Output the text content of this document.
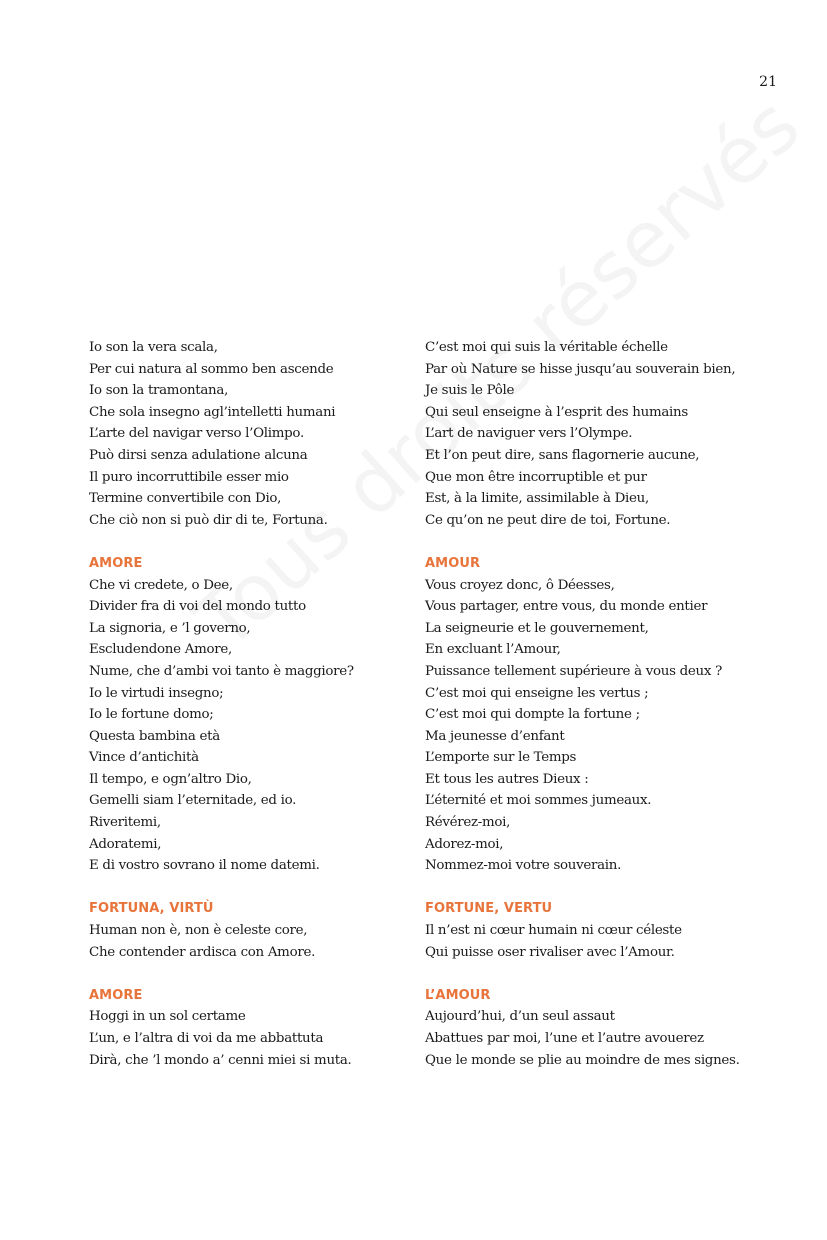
21
Io son la vera scala,
Per cui natura al sommo ben ascende
Io son la tramontana,
Che sola insegno agl’intelletti humani
L’arte del navigar verso l’Olimpo.
Può dirsi senza adulatione alcuna
Il puro incorruttibile esser mio
Termine convertibile con Dio,
Che ciò non si può dir di te, Fortuna.
AMORE
Che vi credete, o Dee,
Divider fra di voi del mondo tutto
La signoria, e ’l governo,
Escludendone Amore,
Nume, che d’ambi voi tanto è maggiore?
Io le virtudi insegno;
Io le fortune domo;
Questa bambina età
Vince d’antichità
Il tempo, e ogn’altro Dio,
Gemelli siam l’eternitade, ed io.
Riveritemi,
Adoratemi,
E di vostro sovrano il nome datemi.
FORTUNA, VIRTÙ
Human non è, non è celeste core,
Che contender ardisca con Amore.
AMORE
Hoggi in un sol certame
L’un, e l’altra di voi da me abbattuta
Dirà, che ’l mondo a’ cenni miei si muta.
C’est moi qui suis la véritable échelle
Par où Nature se hisse jusqu’au souverain bien,
Je suis le Pôle
Qui seul enseigne à l’esprit des humains
L’art de naviguer vers l’Olympe.
Et l’on peut dire, sans flagornerie aucune,
Que mon être incorruptible et pur
Est, à la limite, assimilable à Dieu,
Ce qu’on ne peut dire de toi, Fortune.
AMOUR
Vous croyez donc, ô Déesses,
Vous partager, entre vous, du monde entier
La seigneurie et le gouvernement,
En excluant l’Amour,
Puissance tellement supérieure à vous deux ?
C’est moi qui enseigne les vertus ;
C’est moi qui dompte la fortune ;
Ma jeunesse d’enfant
L’emporte sur le Temps
Et tous les autres Dieux :
L’éternité et moi sommes jumeaux.
Révérez-moi,
Adorez-moi,
Nommez-moi votre souverain.
FORTUNE, VERTU
Il n’est ni cœur humain ni cœur céleste
Qui puisse oser rivaliser avec l’Amour.
L’AMOUR
Aujourd’hui, d’un seul assaut
Abattues par moi, l’une et l’autre avouerez
Que le monde se plie au moindre de mes signes.
